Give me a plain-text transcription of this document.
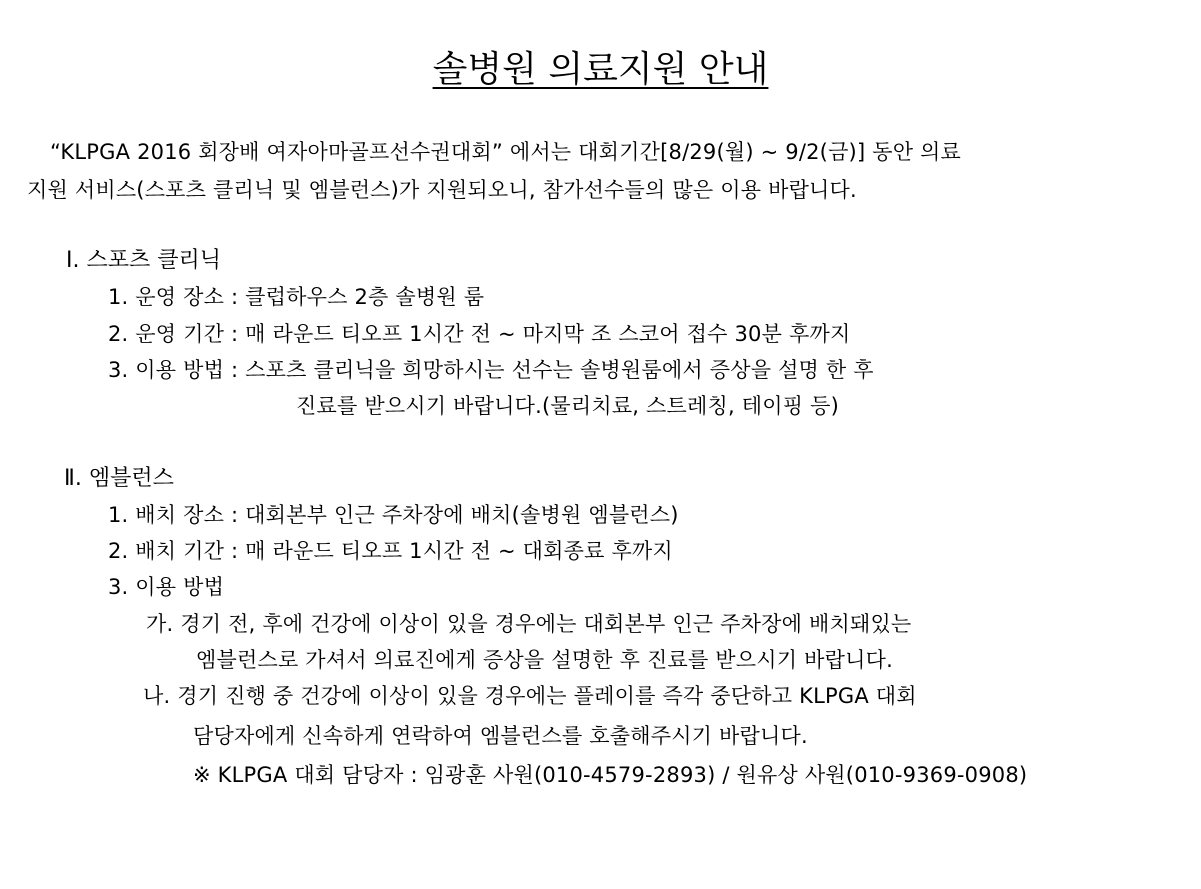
솔병원 의료지원 안내
“KLPGA 2016 회장배 여자아마골프선수권대회” 에서는 대회기간[8/29(월) ~ 9/2(금)] 동안 의료
지원 서비스(스포츠 클리닉 및 엠블런스)가 지원되오니, 참가선수들의 많은 이용 바랍니다.
Ⅰ. 스포츠 클리닉
1. 운영 장소 : 클럽하우스 2층 솔병원 룸
2. 운영 기간 : 매 라운드 티오프 1시간 전 ~ 마지막 조 스코어 접수 30분 후까지
3. 이용 방법 : 스포츠 클리닉을 희망하시는 선수는 솔병원룸에서 증상을 설명 한 후
진료를 받으시기 바랍니다.(물리치료, 스트레칭, 테이핑 등)
Ⅱ. 엠블런스
1. 배치 장소 : 대회본부 인근 주차장에 배치(솔병원 엠블런스)
2. 배치 기간 : 매 라운드 티오프 1시간 전 ~ 대회종료 후까지
3. 이용 방법
가. 경기 전, 후에 건강에 이상이 있을 경우에는 대회본부 인근 주차장에 배치돼있는
엠블런스로 가셔서 의료진에게 증상을 설명한 후 진료를 받으시기 바랍니다.
나. 경기 진행 중 건강에 이상이 있을 경우에는 플레이를 즉각 중단하고 KLPGA 대회
담당자에게 신속하게 연락하여 엠블런스를 호출해주시기 바랍니다.
※ KLPGA 대회 담당자 : 임광훈 사원(010-4579-2893) / 원유상 사원(010-9369-0908)
